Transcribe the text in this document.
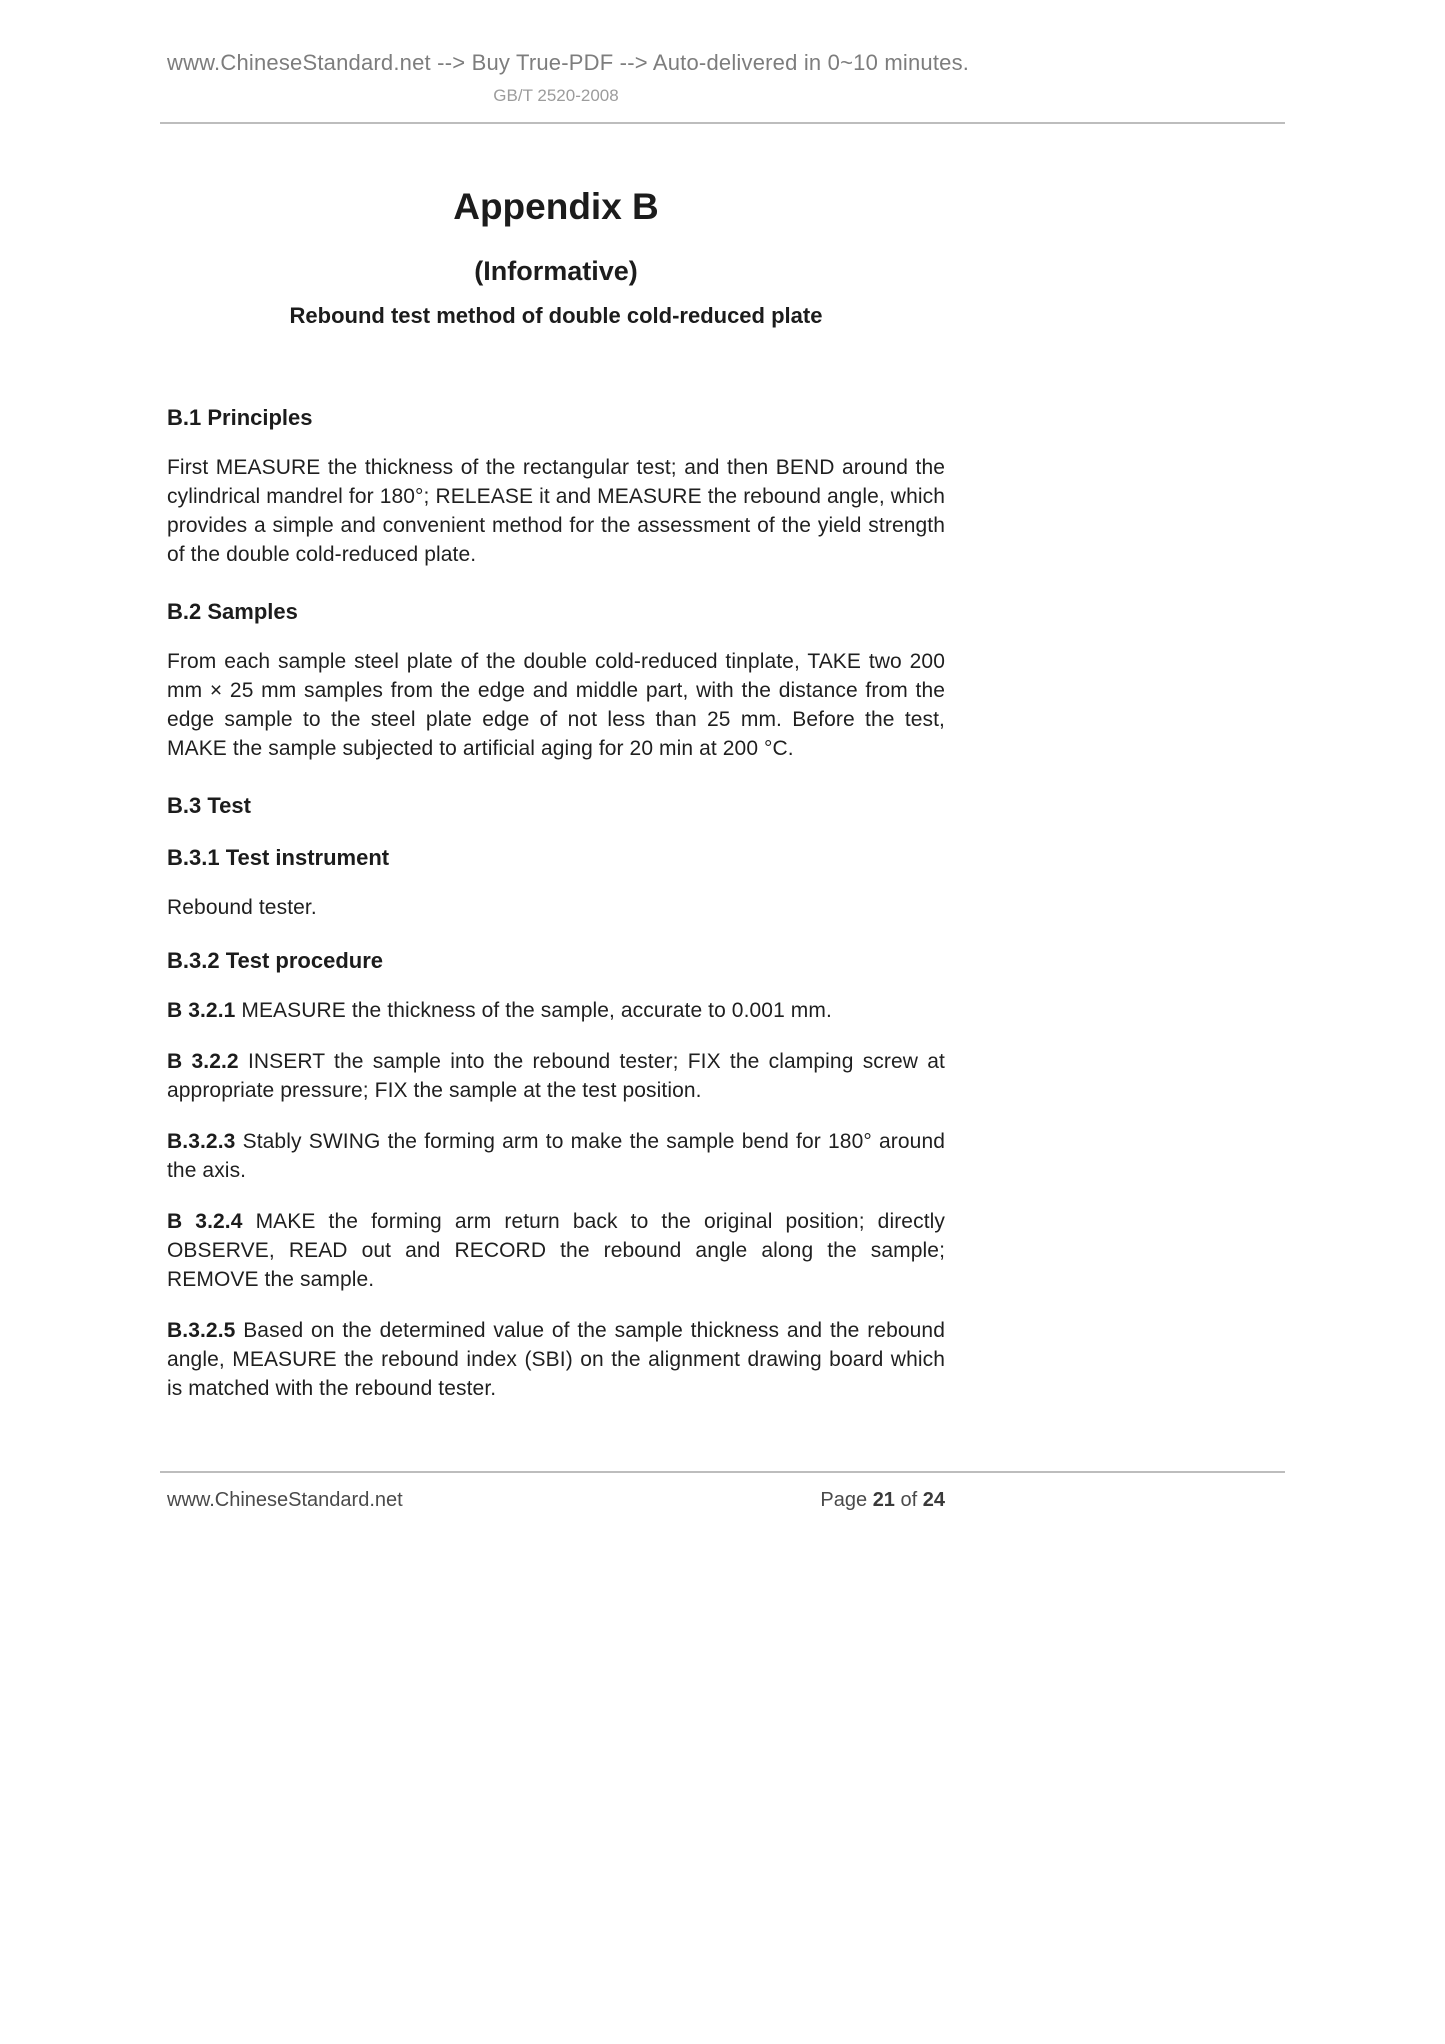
www.ChineseStandard.net --> Buy True-PDF --> Auto-delivered in 0~10 minutes.
GB/T 2520-2008
Appendix B
(Informative)
Rebound test method of double cold-reduced plate
B.1 Principles

First MEASURE the thickness of the rectangular test; and then BEND around the cylindrical mandrel for 180°; RELEASE it and MEASURE the rebound angle, which provides a simple and convenient method for the assessment of the yield strength of the double cold-reduced plate.

B.2 Samples

From each sample steel plate of the double cold-reduced tinplate, TAKE two 200 mm × 25 mm samples from the edge and middle part, with the distance from the edge sample to the steel plate edge of not less than 25 mm. Before the test, MAKE the sample subjected to artificial aging for 20 min at 200 °C.

B.3 Test
B.3.1 Test instrument

Rebound tester.

B.3.2 Test procedure

B 3.2.1 MEASURE the thickness of the sample, accurate to 0.001 mm.

B 3.2.2 INSERT the sample into the rebound tester; FIX the clamping screw at appropriate pressure; FIX the sample at the test position.

B.3.2.3 Stably SWING the forming arm to make the sample bend for 180° around the axis.

B 3.2.4 MAKE the forming arm return back to the original position; directly OBSERVE, READ out and RECORD the rebound angle along the sample; REMOVE the sample.

B.3.2.5 Based on the determined value of the sample thickness and the rebound angle, MEASURE the rebound index (SBI) on the alignment drawing board which is matched with the rebound tester.

www.ChineseStandard.net	Page 21 of 24
